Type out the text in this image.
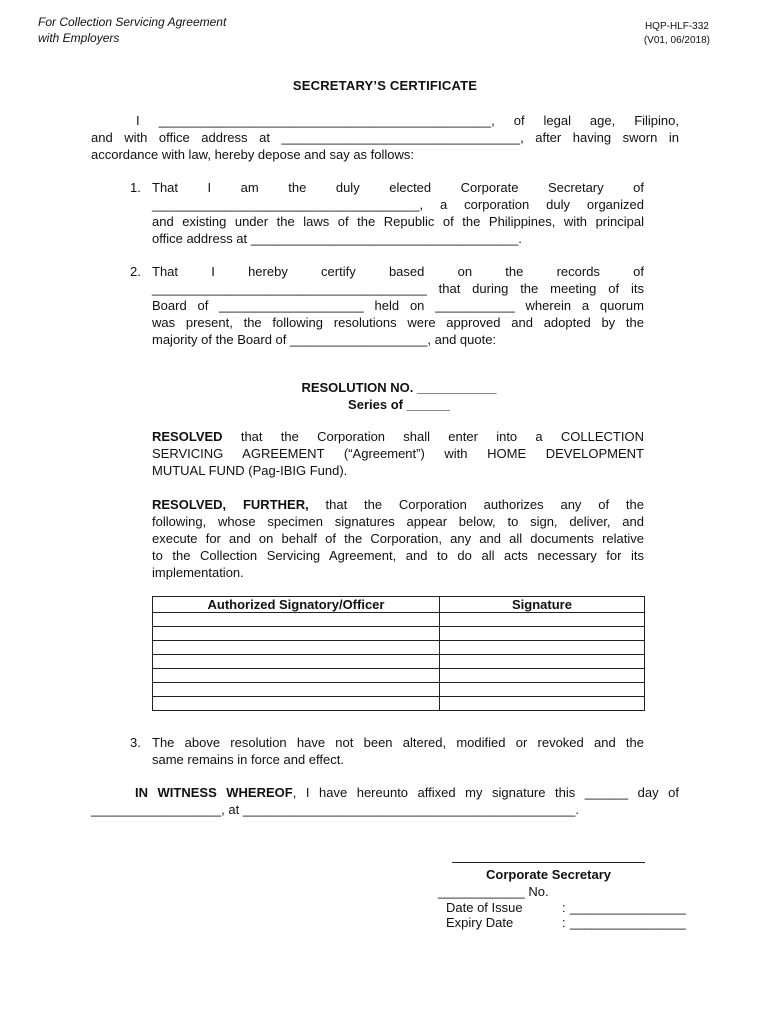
For Collection Servicing Agreement
with Employers
HQP-HLF-332
(V01, 06/2018)
SECRETARY’S CERTIFICATE
I ______________________________________________, of legal age, Filipino,
and with office address at _________________________________, after having sworn in
accordance with law, hereby depose and say as follows:
1. That I am the duly elected Corporate Secretary of
_____________________________________, a corporation duly organized
and existing under the laws of the Republic of the Philippines, with principal
office address at _____________________________________.
2. That I hereby certify based on the records of
______________________________________ that during the meeting of its
Board of ____________________ held on ___________ wherein a quorum
was present, the following resolutions were approved and adopted by the
majority of the Board of ___________________, and quote:
RESOLUTION NO. ___________
Series of ______
RESOLVED that the Corporation shall enter into a COLLECTION
SERVICING AGREEMENT (“Agreement”) with HOME DEVELOPMENT
MUTUAL FUND (Pag-IBIG Fund).
RESOLVED, FURTHER, that the Corporation authorizes any of the
following, whose specimen signatures appear below, to sign, deliver, and
execute for and on behalf of the Corporation, any and all documents relative
to the Collection Servicing Agreement, and to do all acts necessary for its
implementation.
Authorized Signatory/Officer	Signature

3. The above resolution have not been altered, modified or revoked and the
same remains in force and effect.
IN WITNESS WHEREOF, I have hereunto affixed my signature this ______ day of
__________________, at ______________________________________________.
Corporate Secretary
____________ No.
Date of Issue	: ________________
Expiry Date	: ________________
